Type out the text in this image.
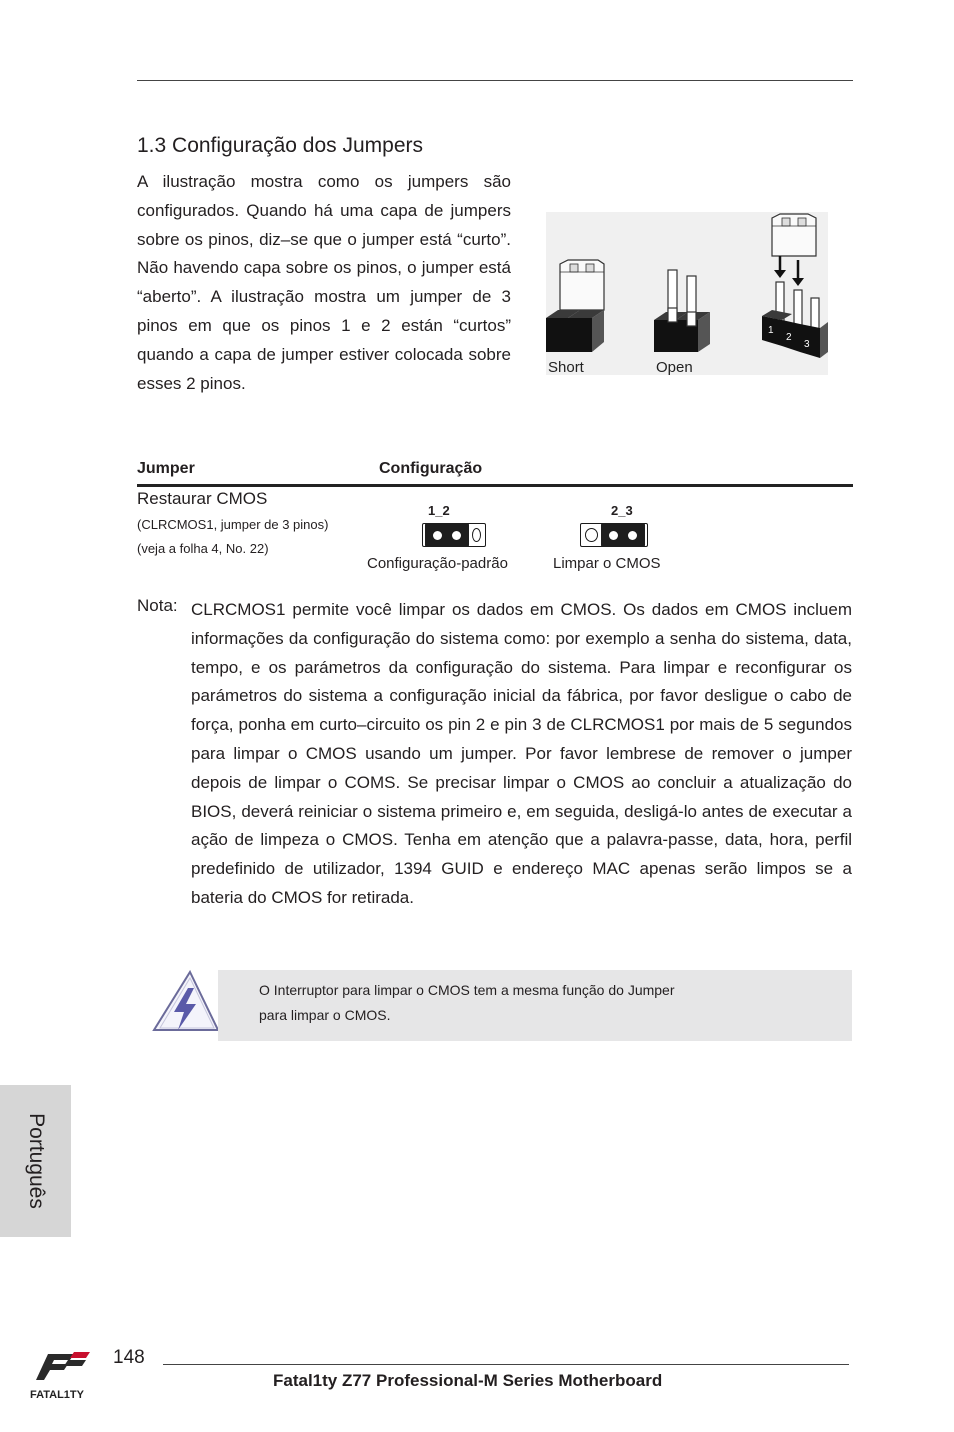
1.3 Configuração dos Jumpers

A ilustração mostra como os jumpers são configurados. Quando há uma capa de jumpers sobre os pinos, diz–se que o jumper está “curto”. Não havendo capa sobre os pinos, o jumper está “aberto”. A ilustração mostra um jumper de 3 pinos em que os pinos 1 e 2 están “curtos” quando a capa de jumper estiver colocada sobre esses 2 pinos.

1
2
3
Short	Open
Jumper	Configuração
Restaurar CMOS
(CLRCMOS1, jumper de 3 pinos)
(veja a folha 4, No. 22)
1_2
Configuração-padrão
2_3
Limpar o CMOS
Nota: CLRCMOS1 permite você limpar os dados em CMOS. Os dados em CMOS incluem informações da configuração do sistema como: por exemplo a senha do sistema, data, tempo, e os parámetros da configuração do sistema. Para limpar e reconfigurar os parámetros do sistema a configuração inicial da fábrica, por favor desligue o cabo de força, ponha em curto–circuito os pin 2 e pin 3 de CLRCMOS1 por mais de 5 segundos para limpar o CMOS usando um jumper. Por favor lembrese de remover o jumper depois de limpar o COMS. Se precisar limpar o CMOS ao concluir a atualização do BIOS, deverá reiniciar o sistema primeiro e, em seguida, desligá-lo antes de executar a ação de limpeza o CMOS. Tenha em atenção que a palavra-passe, data, hora, perfil predefinido de utilizador, 1394 GUID e endereço MAC apenas serão limpos se a bateria do CMOS for retirada.

O Interruptor para limpar o CMOS tem a mesma função do Jumper
para limpar o CMOS.
Português
FATAL1TY
148
Fatal1ty Z77 Professional-M Series Motherboard
